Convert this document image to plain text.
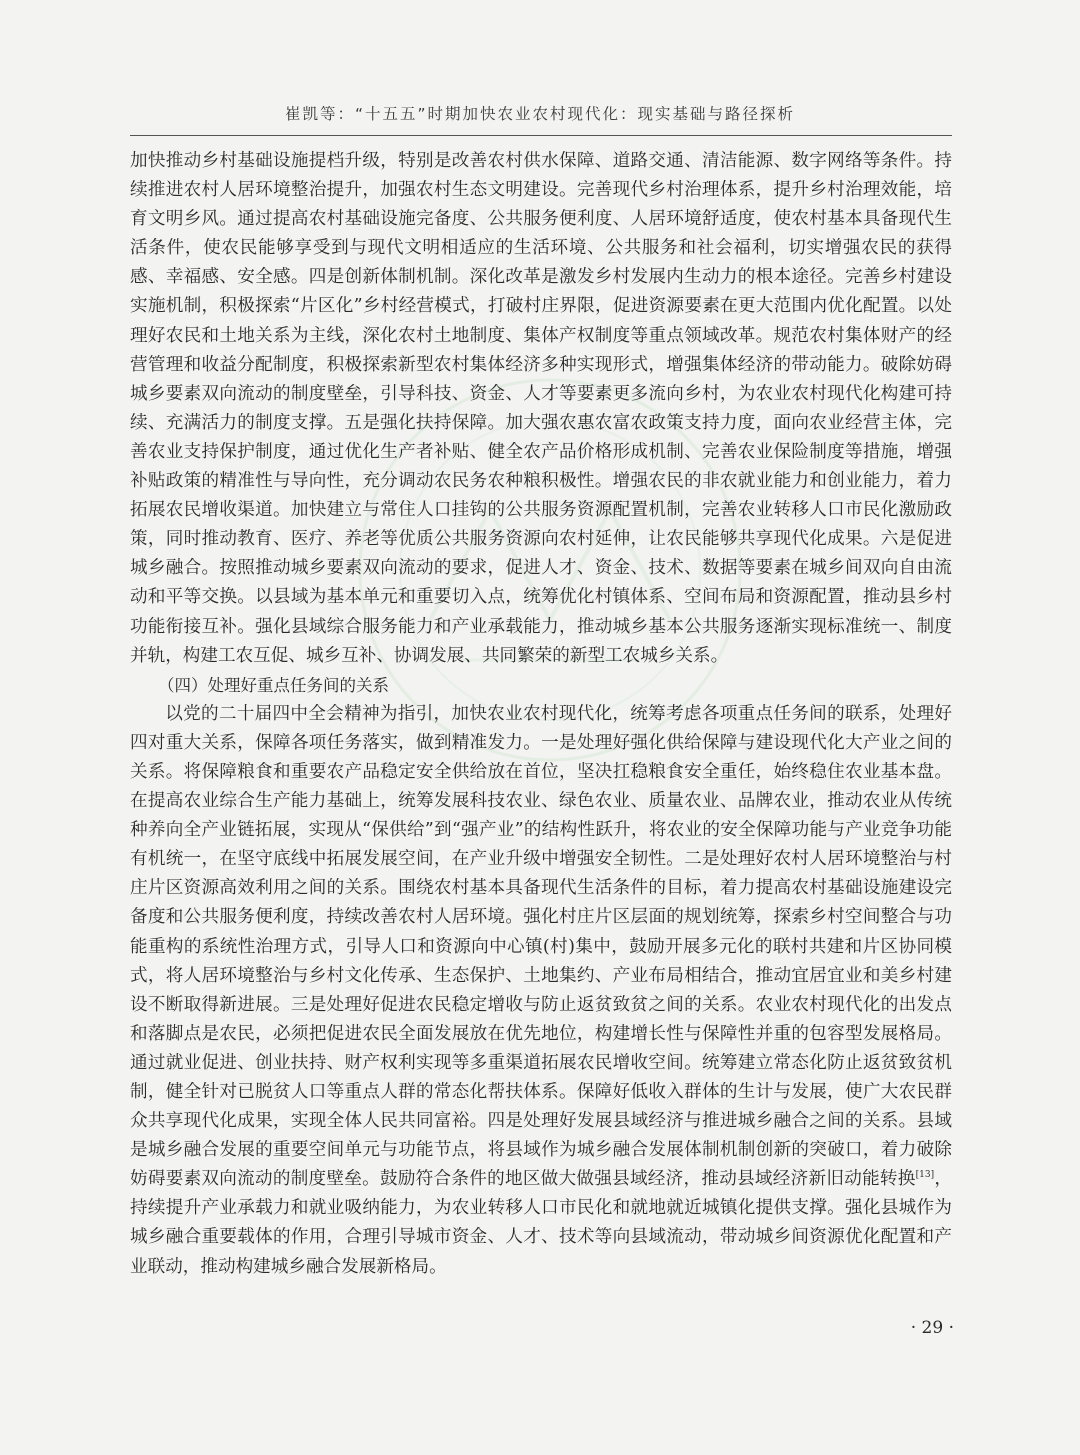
崔凯等：“十五五”时期加快农业农村现代化：现实基础与路径探析

加快推动乡村基础设施提档升级，特别是改善农村供水保障、道路交通、清洁能源、数字网络等条件。持续推进农村人居环境整治提升，加强农村生态文明建设。完善现代乡村治理体系，提升乡村治理效能，培育文明乡风。通过提高农村基础设施完备度、公共服务便利度、人居环境舒适度，使农村基本具备现代生活条件，使农民能够享受到与现代文明相适应的生活环境、公共服务和社会福利，切实增强农民的获得感、幸福感、安全感。四是创新体制机制。深化改革是激发乡村发展内生动力的根本途径。完善乡村建设实施机制，积极探索“片区化”乡村经营模式，打破村庄界限，促进资源要素在更大范围内优化配置。以处理好农民和土地关系为主线，深化农村土地制度、集体产权制度等重点领域改革。规范农村集体财产的经营管理和收益分配制度，积极探索新型农村集体经济多种实现形式，增强集体经济的带动能力。破除妨碍城乡要素双向流动的制度壁垒，引导科技、资金、人才等要素更多流向乡村，为农业农村现代化构建可持续、充满活力的制度支撑。五是强化扶持保障。加大强农惠农富农政策支持力度，面向农业经营主体，完善农业支持保护制度，通过优化生产者补贴、健全农产品价格形成机制、完善农业保险制度等措施，增强补贴政策的精准性与导向性，充分调动农民务农种粮积极性。增强农民的非农就业能力和创业能力，着力拓展农民增收渠道。加快建立与常住人口挂钩的公共服务资源配置机制，完善农业转移人口市民化激励政策，同时推动教育、医疗、养老等优质公共服务资源向农村延伸，让农民能够共享现代化成果。六是促进城乡融合。按照推动城乡要素双向流动的要求，促进人才、资金、技术、数据等要素在城乡间双向自由流动和平等交换。以县域为基本单元和重要切入点，统筹优化村镇体系、空间布局和资源配置，推动县乡村功能衔接互补。强化县域综合服务能力和产业承载能力，推动城乡基本公共服务逐渐实现标准统一、制度并轨，构建工农互促、城乡互补、协调发展、共同繁荣的新型工农城乡关系。

（四）处理好重点任务间的关系

以党的二十届四中全会精神为指引，加快农业农村现代化，统筹考虑各项重点任务间的联系，处理好四对重大关系，保障各项任务落实，做到精准发力。一是处理好强化供给保障与建设现代化大产业之间的关系。将保障粮食和重要农产品稳定安全供给放在首位，坚决扛稳粮食安全重任，始终稳住农业基本盘。在提高农业综合生产能力基础上，统筹发展科技农业、绿色农业、质量农业、品牌农业，推动农业从传统种养向全产业链拓展，实现从“保供给”到“强产业”的结构性跃升，将农业的安全保障功能与产业竞争功能有机统一，在坚守底线中拓展发展空间，在产业升级中增强安全韧性。二是处理好农村人居环境整治与村庄片区资源高效利用之间的关系。围绕农村基本具备现代生活条件的目标，着力提高农村基础设施建设完备度和公共服务便利度，持续改善农村人居环境。强化村庄片区层面的规划统筹，探索乡村空间整合与功能重构的系统性治理方式，引导人口和资源向中心镇(村)集中，鼓励开展多元化的联村共建和片区协同模式，将人居环境整治与乡村文化传承、生态保护、土地集约、产业布局相结合，推动宜居宜业和美乡村建设不断取得新进展。三是处理好促进农民稳定增收与防止返贫致贫之间的关系。农业农村现代化的出发点和落脚点是农民，必须把促进农民全面发展放在优先地位，构建增长性与保障性并重的包容型发展格局。通过就业促进、创业扶持、财产权利实现等多重渠道拓展农民增收空间。统筹建立常态化防止返贫致贫机制，健全针对已脱贫人口等重点人群的常态化帮扶体系。保障好低收入群体的生计与发展，使广大农民群众共享现代化成果，实现全体人民共同富裕。四是处理好发展县域经济与推进城乡融合之间的关系。县域是城乡融合发展的重要空间单元与功能节点，将县域作为城乡融合发展体制机制创新的突破口，着力破除妨碍要素双向流动的制度壁垒。鼓励符合条件的地区做大做强县域经济，推动县域经济新旧动能转换[13]，持续提升产业承载力和就业吸纳能力，为农业转移人口市民化和就地就近城镇化提供支撑。强化县城作为城乡融合重要载体的作用，合理引导城市资金、人才、技术等向县域流动，带动城乡间资源优化配置和产业联动，推动构建城乡融合发展新格局。

· 29 ·
